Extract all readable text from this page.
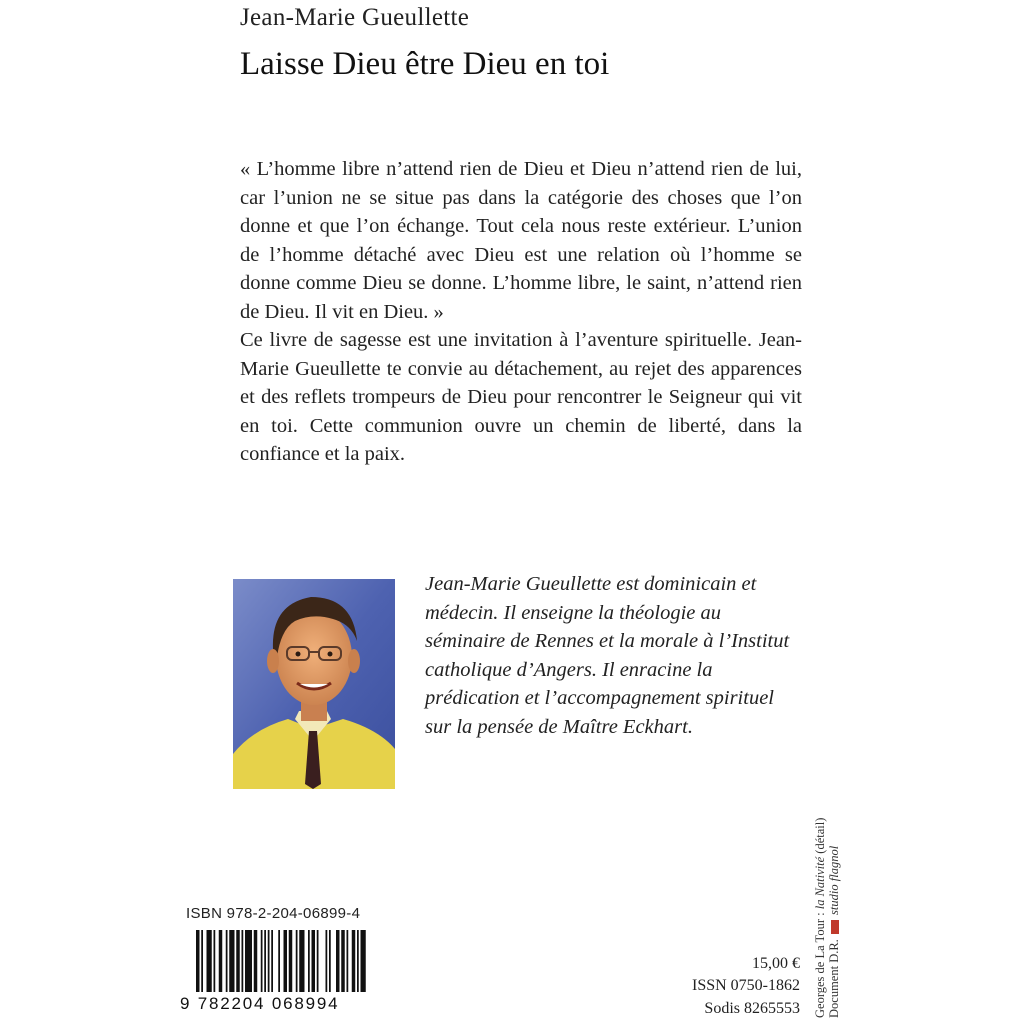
Jean-Marie Gueullette
Laisse Dieu être Dieu en toi

« L’homme libre n’attend rien de Dieu et Dieu n’attend rien de lui, car l’union ne se situe pas dans la catégorie des choses que l’on donne et que l’on échange. Tout cela nous reste extérieur. L’union de l’homme détaché avec Dieu est une relation où l’homme se donne comme Dieu se donne. L’homme libre, le saint, n’attend rien de Dieu. Il vit en Dieu. »

Ce livre de sagesse est une invitation à l’aventure spirituelle. Jean-Marie Gueullette te convie au détachement, au rejet des apparences et des reflets trompeurs de Dieu pour rencontrer le Seigneur qui vit en toi. Cette communion ouvre un chemin de liberté, dans la confiance et la paix.

Jean-Marie Gueullette est dominicain et médecin. Il enseigne la théologie au séminaire de Rennes et la morale à l’Institut catholique d’Angers. Il enracine la prédication et l’accompagnement spirituel sur la pensée de Maître Eckhart.
ISBN 978-2-204-06899-4
9 782204 068994
15,00 €
ISSN 0750-1862
Sodis 8265553 Georges de La Tour : la Nativité (détail)
Document D.R.  studio flagnol
